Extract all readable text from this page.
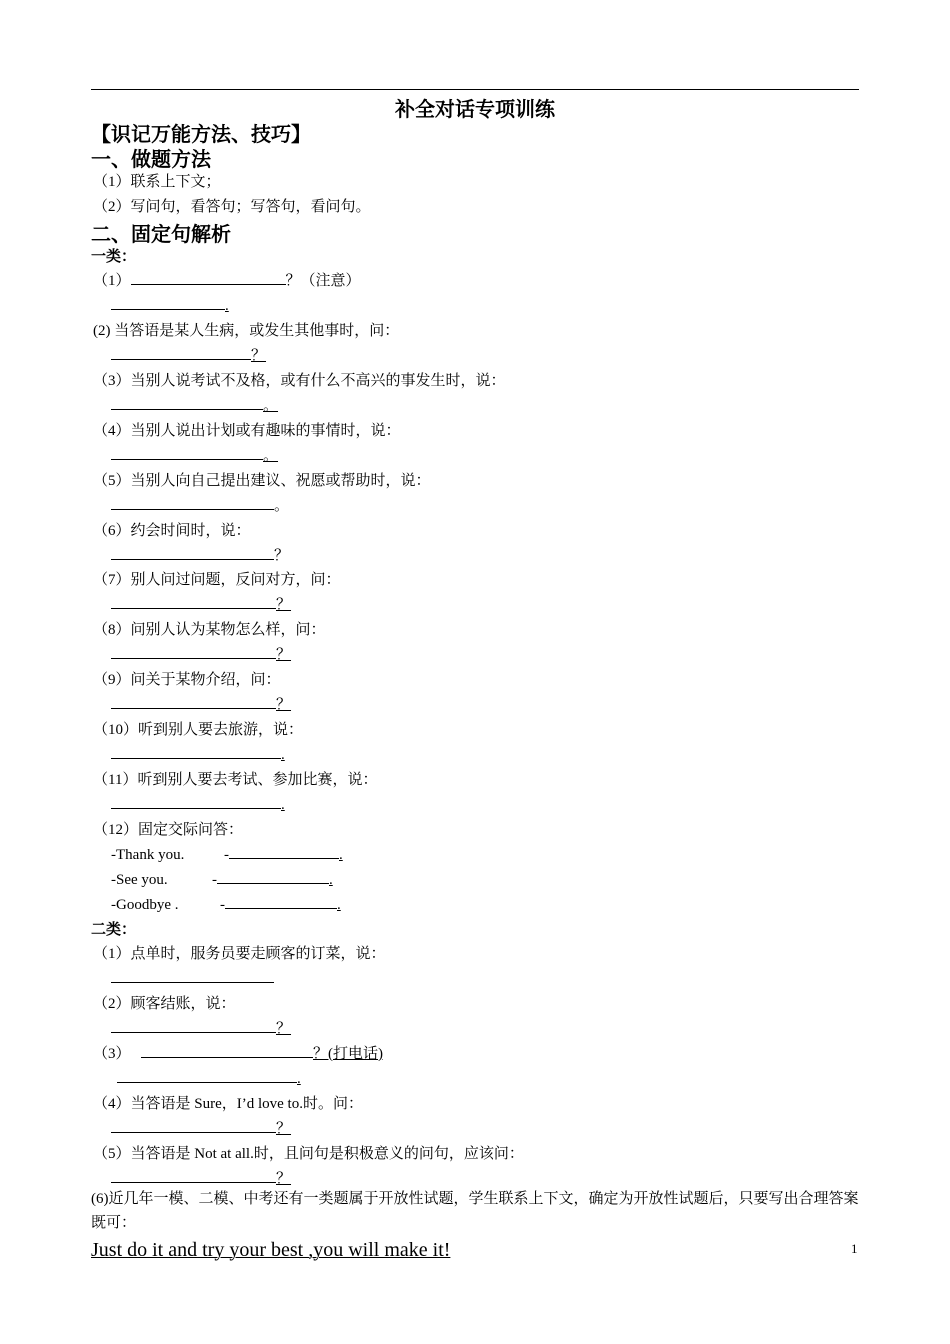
补全对话专项训练
【识记万能方法、技巧】
一、做题方法
（1）联系上下文；
（2）写问句，看答句；写答句，看问句。
二、固定句解析
一类：
（1）	？（注意）
.
(2) 当答语是某人生病，或发生其他事时，问：
？
（3）当别人说考试不及格，或有什么不高兴的事发生时，说：
。
（4）当别人说出计划或有趣味的事情时，说：
。
（5）当别人向自己提出建议、祝愿或帮助时，说：
。
（6）约会时间时，说：
？
（7）别人问过问题，反问对方，问：
？
（8）问别人认为某物怎么样，问：
？
（9）问关于某物介绍，问：
？
（10）听到别人要去旅游，说：
.
（11）听到别人要去考试、参加比赛，说：
.
（12）固定交际问答：
-Thank you.	-	.
-See you.	-	.
-Goodbye .	-	.
二类：
（1）点单时，服务员要走顾客的订菜，说：
（2）顾客结账，说：
？
（3）	？(打电话)
.
（4）当答语是 Sure，I’d love to.时。问：
？
（5）当答语是 Not at all.时，且问句是积极意义的问句，应该问：
？
(6)近几年一模、二模、中考还有一类题属于开放性试题，学生联系上下文，确定为开放性试题后，只要写出合理答案既可：
Just do it and try your best ,you will make it!	1
